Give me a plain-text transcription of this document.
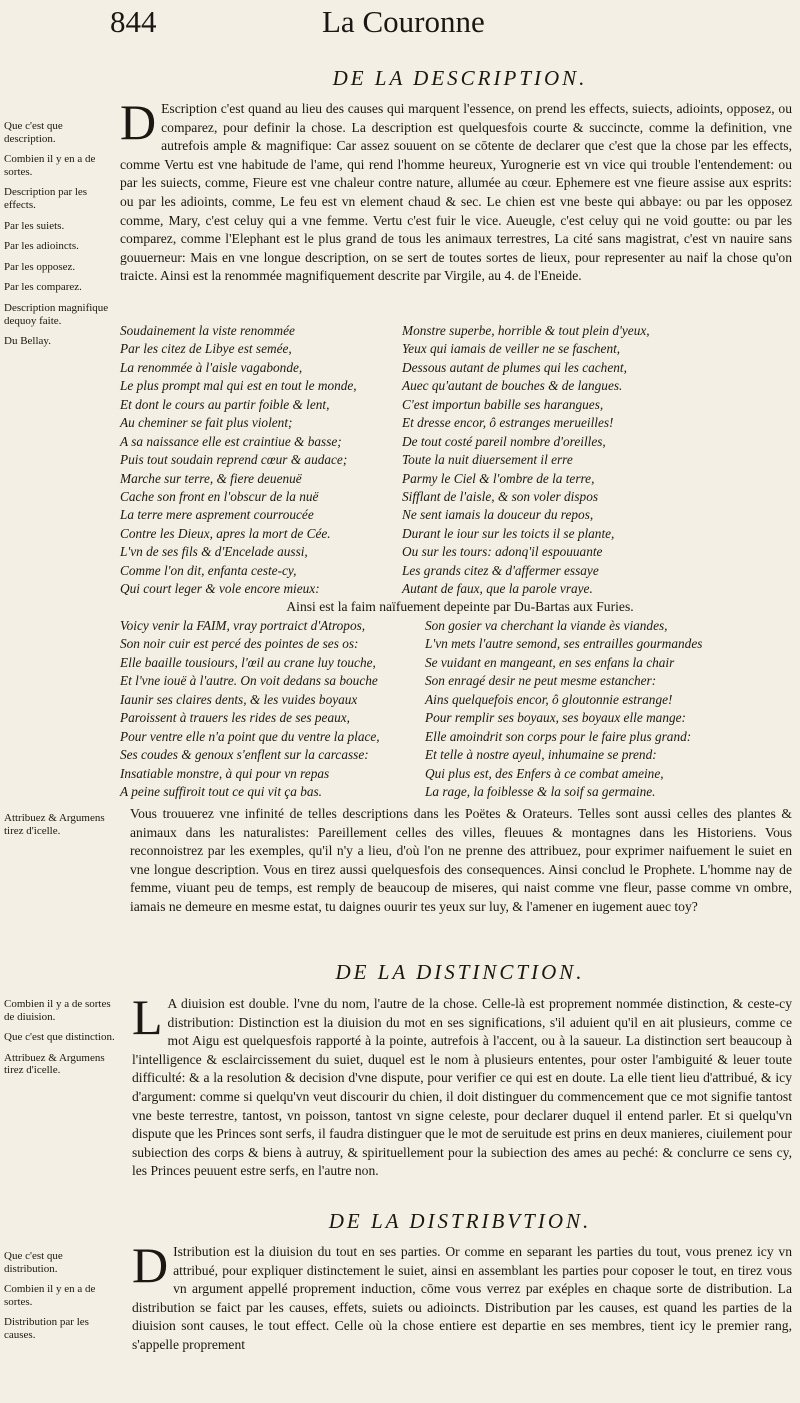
844	La Couronne
DE LA DESCRIPTION.

Que c'est que description.

Combien il y en a de sortes.

Description par les effects.

Par les suiets.

Par les adioincts.

Par les opposez.

Par les comparez.

Description magnifique dequoy faite.

Du Bellay.

D Escription c'est quand au lieu des causes qui marquent l'essence, on prend les effects, suiects, adioints, opposez, ou comparez, pour definir la chose. La description est quelquesfois courte & succincte, comme la definition, vne autrefois ample & magnifique: Car assez souuent on se cōtente de declarer que c'est que la chose par les effects, comme Vertu est vne habitude de l'ame, qui rend l'homme heureux, Yurognerie est vn vice qui trouble l'entendement: ou par les suiects, comme, Fieure est vne chaleur contre nature, allumée au cœur. Ephemere est vne fieure assise aux esprits: ou par les adioints, comme, Le feu est vn element chaud & sec. Le chien est vne beste qui abbaye: ou par les opposez comme, Mary, c'est celuy qui a vne femme. Vertu c'est fuir le vice. Aueugle, c'est celuy qui ne void goutte: ou par les comparez, comme l'Elephant est le plus grand de tous les animaux terrestres, La cité sans magistrat, c'est vn nauire sans gouuerneur: Mais en vne longue description, on se sert de toutes sortes de lieux, pour representer au naif la chose qu'on traicte. Ainsi est la renommée magnifiquement descrite par Virgile, au 4. de l'Eneide.

Soudainement la viste renommée
Par les citez de Libye est semée,
La renommée à l'aisle vagabonde,
Le plus prompt mal qui est en tout le monde,
Et dont le cours au partir foible & lent,
Au cheminer se fait plus violent;
A sa naissance elle est craintiue & basse;
Puis tout soudain reprend cœur & audace;
Marche sur terre, & fiere deuenuë
Cache son front en l'obscur de la nuë
La terre mere asprement courroucée
Contre les Dieux, apres la mort de Cée.
L'vn de ses fils & d'Encelade aussi,
Comme l'on dit, enfanta ceste-cy,
Qui court leger & vole encore mieux:
Monstre superbe, horrible & tout plein d'yeux,
Yeux qui iamais de veiller ne se faschent,
Dessous autant de plumes qui les cachent,
Auec qu'autant de bouches & de langues.
C'est importun babille ses harangues,
Et dresse encor, ô estranges merueilles!
De tout costé pareil nombre d'oreilles,
Toute la nuit diuersement il erre
Parmy le Ciel & l'ombre de la terre,
Sifflant de l'aisle, & son voler dispos
Ne sent iamais la douceur du repos,
Durant le iour sur les toicts il se plante,
Ou sur les tours: adonq'il espouuante
Les grands citez & d'affermer essaye
Autant de faux, que la parole vraye.
Ainsi est la faim naïfuement depeinte par Du-Bartas aux Furies.
Voicy venir la FAIM, vray portraict d'Atropos,
Son noir cuir est percé des pointes de ses os:
Elle baaille tousiours, l'œil au crane luy touche,
Et l'vne iouë à l'autre. On voit dedans sa bouche
Iaunir ses claires dents, & les vuides boyaux
Paroissent à trauers les rides de ses peaux,
Pour ventre elle n'a point que du ventre la place,
Ses coudes & genoux s'enflent sur la carcasse:
Insatiable monstre, à qui pour vn repas
A peine suffiroit tout ce qui vit ça bas.
Son gosier va cherchant la viande ès viandes,
L'vn mets l'autre semond, ses entrailles gourmandes
Se vuidant en mangeant, en ses enfans la chair
Son enragé desir ne peut mesme estancher:
Ains quelquefois encor, ô gloutonnie estrange!
Pour remplir ses boyaux, ses boyaux elle mange:
Elle amoindrit son corps pour le faire plus grand:
Et telle à nostre ayeul, inhumaine se prend:
Qui plus est, des Enfers à ce combat ameine,
La rage, la foiblesse & la soif sa germaine.

Attribuez & Argumens tirez d'icelle.

Vous trouuerez vne infinité de telles descriptions dans les Poëtes & Orateurs. Telles sont aussi celles des plantes & animaux dans les naturalistes: Pareillement celles des villes, fleuues & montagnes dans les Historiens. Vous reconnoistrez par les exemples, qu'il n'y a lieu, d'où l'on ne prenne des attribuez, pour exprimer naifuement le suiet en vne longue description. Vous en tirez aussi quelquesfois des consequences. Ainsi conclud le Prophete. L'homme nay de femme, viuant peu de temps, est remply de beaucoup de miseres, qui naist comme vne fleur, passe comme vn ombre, iamais ne demeure en mesme estat, tu daignes ouurir tes yeux sur luy, & l'amener en iugement auec toy?

DE LA DISTINCTION.

Combien il y a de sortes de diuision.

Que c'est que distinction.

Attribuez & Argumens tirez d'icelle.

L A diuision est double. l'vne du nom, l'autre de la chose. Celle-là est proprement nommée distinction, & ceste-cy distribution: Distinction est la diuision du mot en ses significations, s'il aduient qu'il en ait plusieurs, comme ce mot Aigu est quelquesfois rapporté à la pointe, autrefois à l'accent, ou à la saueur. La distinction sert beaucoup à l'intelligence & esclaircissement du suiet, duquel est le nom à plusieurs ententes, pour oster l'ambiguité & leuer toute difficulté: & a la resolution & decision d'vne dispute, pour verifier ce qui est en doute. La elle tient lieu d'attribué, & icy d'argument: comme si quelqu'vn veut discourir du chien, il doit distinguer du commencement que ce mot signifie tantost vne beste terrestre, tantost, vn poisson, tantost vn signe celeste, pour declarer duquel il entend parler. Et si quelqu'vn dispute que les Princes sont serfs, il faudra distinguer que le mot de seruitude est prins en deux manieres, ciuilement pour subiection des corps & biens à autruy, & spirituellement pour la subiection des ames au peché: & conclurre ce sens cy, les Princes peuuent estre serfs, en l'autre non.

DE LA DISTRIBVTION.

Que c'est que distribution.

Combien il y en a de sortes.

Distribution par les causes.

D Istribution est la diuision du tout en ses parties. Or comme en separant les parties du tout, vous prenez icy vn attribué, pour expliquer distinctement le suiet, ainsi en assemblant les parties pour coposer le tout, en tirez vous vn argument appellé proprement induction, cōme vous verrez par exéples en chaque sorte de distribution. La distribution se faict par les causes, effets, suiets ou adioincts. Distribution par les causes, est quand les parties de la diuision sont causes, le tout effect. Celle où la chose entiere est departie en ses membres, tient icy le premier rang, s'appelle proprement
